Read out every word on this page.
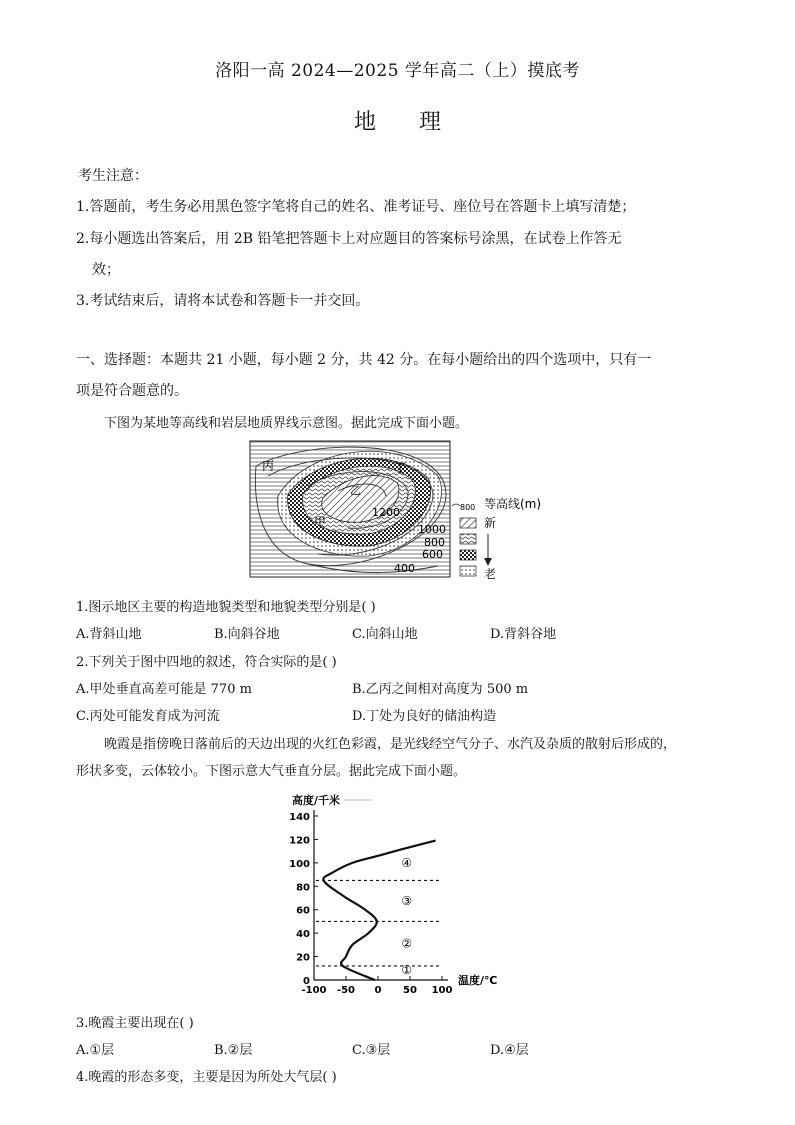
洛阳一高 2024—2025 学年高二（上）摸底考
地 理
考生注意：
1.答题前，考生务必用黑色签字笔将自己的姓名、准考证号、座位号在答题卡上填写清楚；
2.每小题选出答案后，用 2B 铅笔把答题卡上对应题目的答案标号涂黑，在试卷上作答无
效；
3.考试结束后，请将本试卷和答题卡一并交回。
一、选择题：本题共 21 小题，每小题 2 分，共 42 分。在每小题给出的四个选项中，只有一
项是符合题意的。
下图为某地等高线和岩层地质界线示意图。据此完成下面小题。
丙	丁
乙
甲
1200
1000
800
600
400
800 等高线(m)
新
老
1.图示地区主要的构造地貌类型和地貌类型分别是( )
A.背斜山地	B.向斜谷地	C.向斜山地	D.背斜谷地
2.下列关于图中四地的叙述，符合实际的是( )
A.甲处垂直高差可能是 770 m	B.乙丙之间相对高度为 500 m
C.丙处可能发育成为河流	D.丁处为良好的储油构造
晚霞是指傍晚日落前后的天边出现的火红色彩霞，是光线经空气分子、水汽及杂质的散射后形成的，
形状多变，云体较小。下图示意大气垂直分层。据此完成下面小题。
高度/千米
0
20
40
60
80
100
120
140
-100 -50 0 50 100
①
②
③
④
温度/℃
3.晚霞主要出现在( )
A.①层	B.②层	C.③层	D.④层
4.晚霞的形态多变，主要是因为所处大气层( )
